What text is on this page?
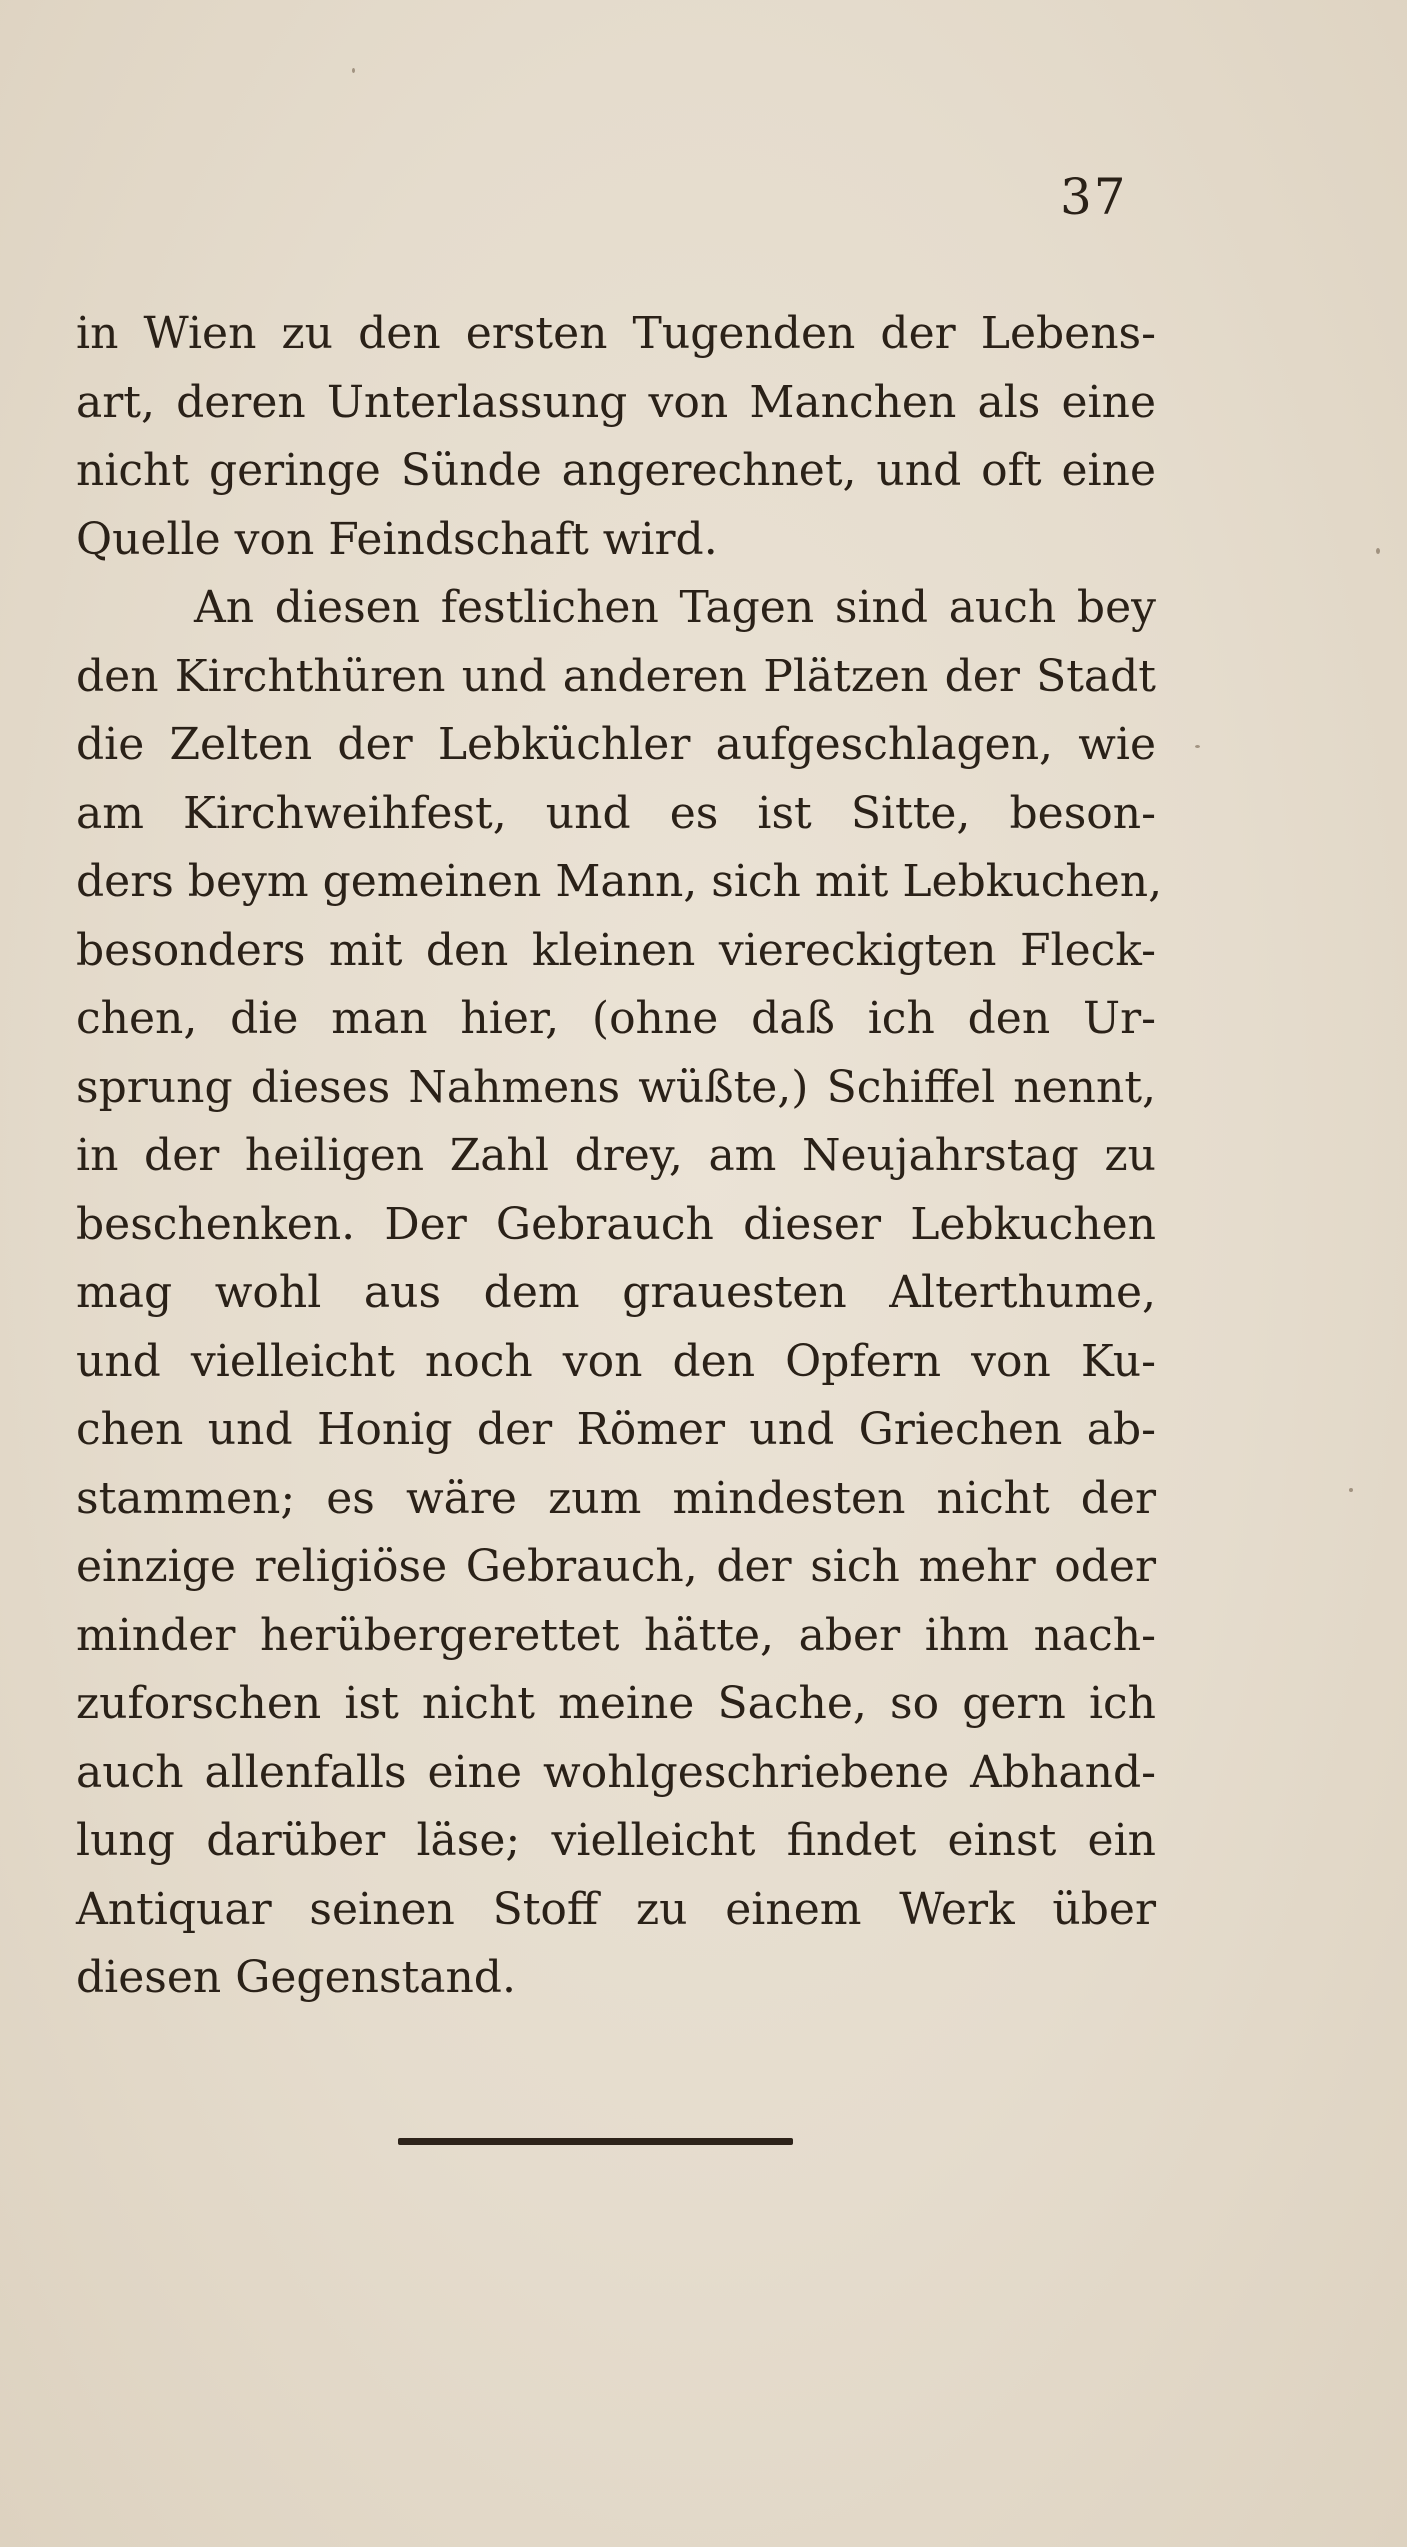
37
in Wien zu den ersten Tugenden der Lebens-
art, deren Unterlassung von Manchen als eine
nicht geringe Sünde angerechnet, und oft eine
Quelle von Feindschaft wird.
An diesen festlichen Tagen sind auch bey
den Kirchthüren und anderen Plätzen der Stadt
die Zelten der Lebküchler aufgeschlagen, wie
am Kirchweihfest, und es ist Sitte, beson-
ders beym gemeinen Mann, sich mit Lebkuchen,
besonders mit den kleinen viereckigten Fleck-
chen, die man hier, (ohne daß ich den Ur-
sprung dieses Nahmens wüßte,) Schiffel nennt,
in der heiligen Zahl drey, am Neujahrstag zu
beschenken. Der Gebrauch dieser Lebkuchen
mag wohl aus dem grauesten Alterthume,
und vielleicht noch von den Opfern von Ku-
chen und Honig der Römer und Griechen ab-
stammen; es wäre zum mindesten nicht der
einzige religiöse Gebrauch, der sich mehr oder
minder herübergerettet hätte, aber ihm nach-
zuforschen ist nicht meine Sache, so gern ich
auch allenfalls eine wohlgeschriebene Abhand-
lung darüber läse; vielleicht findet einst ein
Antiquar seinen Stoff zu einem Werk über
diesen Gegenstand.
